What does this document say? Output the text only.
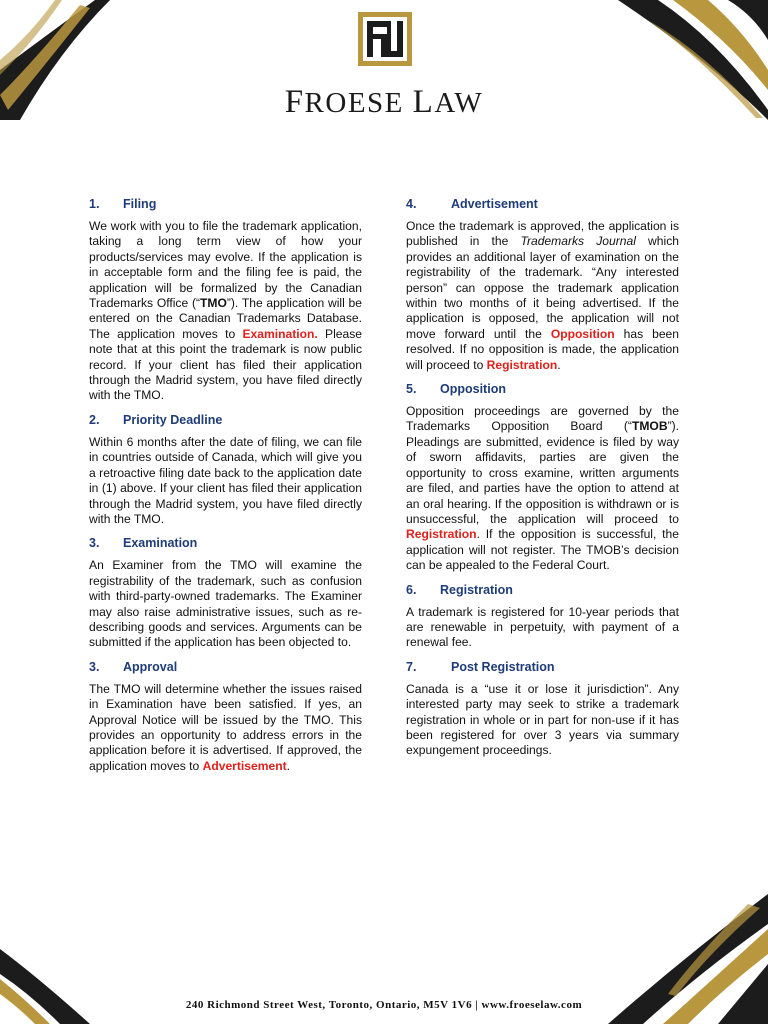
FROESE LAW
1.	Filing

We work with you to file the trademark application, taking a long term view of how your products/services may evolve. If the application is in acceptable form and the filing fee is paid, the application will be formalized by the Canadian Trademarks Office (“TMO”). The application will be entered on the Canadian Trademarks Database. The application moves to Examination. Please note that at this point the trademark is now public record. If your client has filed their application through the Madrid system, you have filed directly with the TMO.

2.	Priority Deadline

Within 6 months after the date of filing, we can file in countries outside of Canada, which will give you a retroactive filing date back to the application date in (1) above. If your client has filed their application through the Madrid system, you have filed directly with the TMO.

3.	Examination

An Examiner from the TMO will examine the registrability of the trademark, such as confusion with third-party-owned trademarks. The Examiner may also raise administrative issues, such as re-describing goods and services. Arguments can be submitted if the application has been objected to.

3.	Approval

The TMO will determine whether the issues raised in Examination have been satisfied. If yes, an Approval Notice will be issued by the TMO. This provides an opportunity to address errors in the application before it is advertised. If approved, the application moves to Advertisement.

4.	Advertisement

Once the trademark is approved, the application is published in the Trademarks Journal which provides an additional layer of examination on the registrability of the trademark. “Any interested person” can oppose the trademark application within two months of it being advertised. If the application is opposed, the application will not move forward until the Opposition has been resolved. If no opposition is made, the application will proceed to Registration.

5.	Opposition

Opposition proceedings are governed by the Trademarks Opposition Board (“TMOB”). Pleadings are submitted, evidence is filed by way of sworn affidavits, parties are given the opportunity to cross examine, written arguments are filed, and parties have the option to attend at an oral hearing. If the opposition is withdrawn or is unsuccessful, the application will proceed to Registration. If the opposition is successful, the application will not register. The TMOB’s decision can be appealed to the Federal Court.

6.	Registration

A trademark is registered for 10-year periods that are renewable in perpetuity, with payment of a renewal fee.

7.	Post Registration

Canada is a “use it or lose it jurisdiction”. Any interested party may seek to strike a trademark registration in whole or in part for non-use if it has been registered for over 3 years via summary expungement proceedings.

240 Richmond Street West, Toronto, Ontario, M5V 1V6 | www.froeselaw.com
